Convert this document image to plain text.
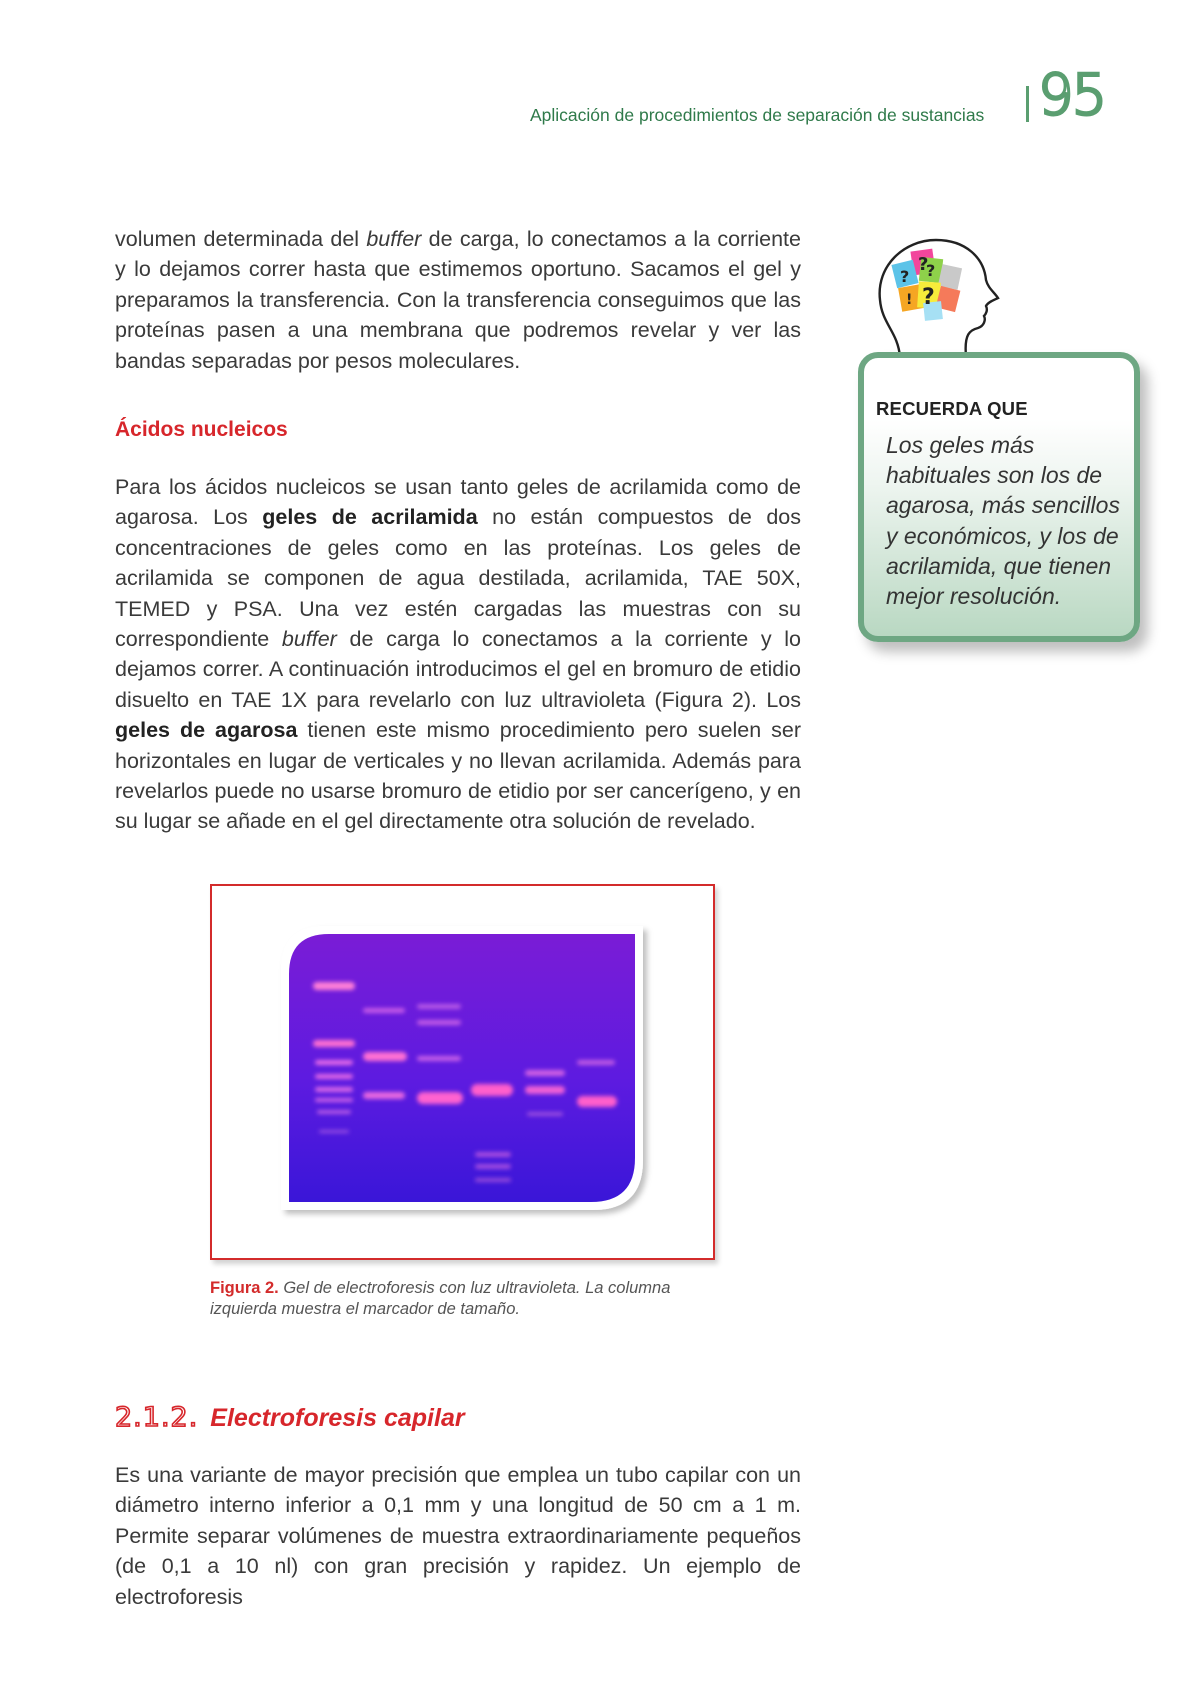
Aplicación de procedimientos de separación de sustancias 95

volumen determinada del buffer de carga, lo conectamos a la corriente y lo dejamos correr hasta que estimemos oportuno. Sacamos el gel y preparamos la transferencia. Con la transferencia conseguimos que las proteínas pasen a una membrana que podremos revelar y ver las bandas separadas por pesos moleculares.

Ácidos nucleicos

Para los ácidos nucleicos se usan tanto geles de acrilamida como de agarosa. Los geles de acrilamida no están compuestos de dos concentraciones de geles como en las proteínas. Los geles de acrilamida se componen de agua destilada, acrilamida, TAE 50X, TEMED y PSA. Una vez estén cargadas las muestras con su correspondiente buffer de carga lo conectamos a la corriente y lo dejamos correr. A continuación introducimos el gel en bromuro de etidio disuelto en TAE 1X para revelarlo con luz ultravioleta (Figura 2). Los geles de agarosa tienen este mismo procedimiento pero suelen ser horizontales en lugar de verticales y no llevan acrilamida. Además para revelarlos puede no usarse bromuro de etidio por ser cancerígeno, y en su lugar se añade en el gel directamente otra solución de revelado.

?
? ?
?
!
RECUERDA QUE
Los geles más habituales son los de agarosa, más sencillos y económicos, y los de acrilamida, que tienen mejor resolución.
Figura 2. Gel de electroforesis con luz ultravioleta. La columna izquierda muestra el marcador de tamaño.
2.1.2. Electroforesis capilar

Es una variante de mayor precisión que emplea un tubo capilar con un diámetro interno inferior a 0,1 mm y una longitud de 50 cm a 1 m. Permite separar volúmenes de muestra extraordinariamente pequeños (de 0,1 a 10 nl) con gran precisión y rapidez. Un ejemplo de electroforesis
